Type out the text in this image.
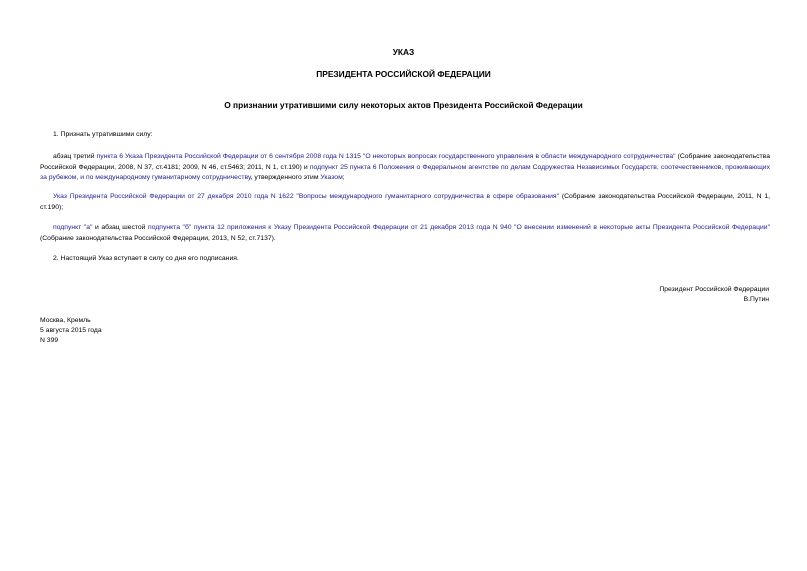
УКАЗ
ПРЕЗИДЕНТА РОССИЙСКОЙ ФЕДЕРАЦИИ
О признании утратившими силу некоторых актов Президента Российской Федерации
1. Признать утратившими силу:
абзац третий пункта 6 Указа Президента Российской Федерации от 6 сентября 2008 года N 1315 "О некоторых вопросах государственного управления в области международного сотрудничества" (Собрание законодательства Российской Федерации, 2008, N 37, ст.4181; 2009, N 46, ст.5463; 2011, N 1, ст.190) и подпункт 25 пункта 6 Положения о Федеральном агентстве по делам Содружества Независимых Государств, соотечественников, проживающих за рубежом, и по международному гуманитарному сотрудничеству, утвержденного этим Указом;
Указ Президента Российской Федерации от 27 декабря 2010 года N 1622 "Вопросы международного гуманитарного сотрудничества в сфере образования" (Собрание законодательства Российской Федерации, 2011, N 1, ст.190);
подпункт "а" и абзац шестой подпункта "б" пункта 12 приложения к Указу Президента Российской Федерации от 21 декабря 2013 года N 940 "О внесении изменений в некоторые акты Президента Российской Федерации" (Собрание законодательства Российской Федерации, 2013, N 52, ст.7137).
2. Настоящий Указ вступает в силу со дня его подписания.
Президент Российской Федерации
В.Путин
Москва, Кремль
5 августа 2015 года
N 399
